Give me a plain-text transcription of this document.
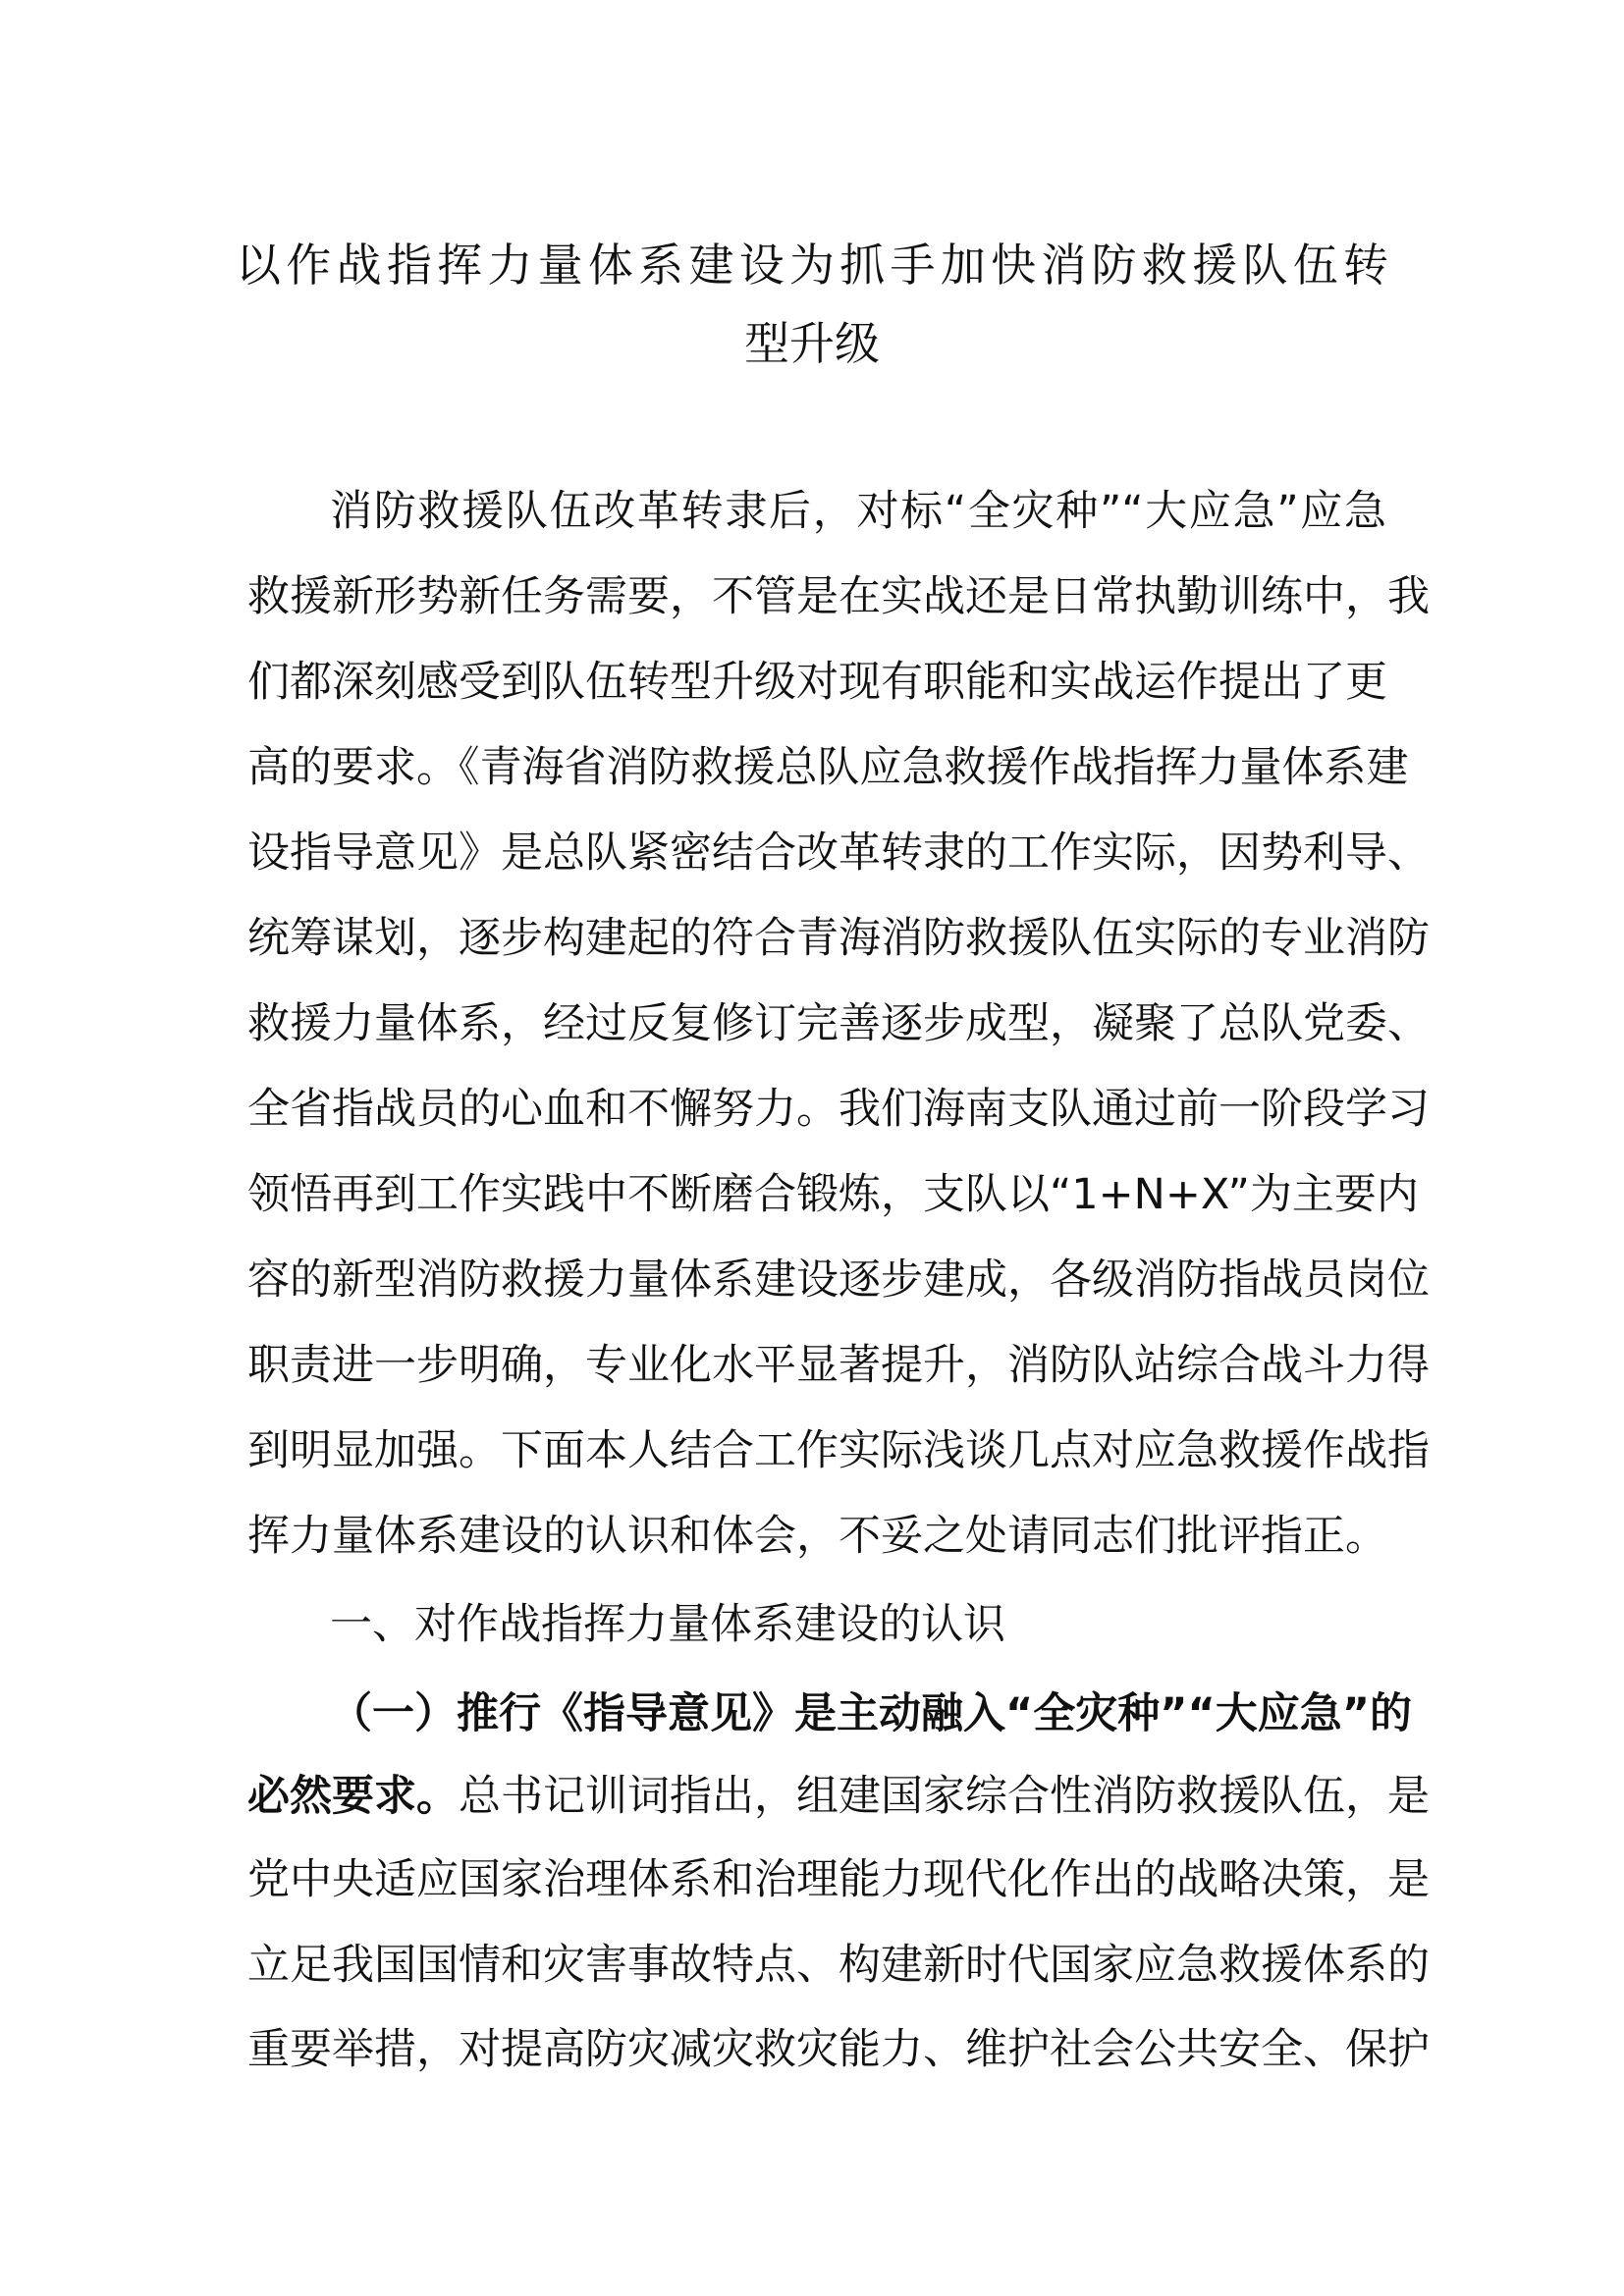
以作战指挥力量体系建设为抓手加快消防救援队伍转
型升级
消防救援队伍改革转隶后，对标“全灾种”“大应急”应急
救援新形势新任务需要，不管是在实战还是日常执勤训练中，我
们都深刻感受到队伍转型升级对现有职能和实战运作提出了更
高的要求。《青海省消防救援总队应急救援作战指挥力量体系建
设指导意见》是总队紧密结合改革转隶的工作实际，因势利导、
统筹谋划，逐步构建起的符合青海消防救援队伍实际的专业消防
救援力量体系，经过反复修订完善逐步成型，凝聚了总队党委、
全省指战员的心血和不懈努力。我们海南支队通过前一阶段学习
领悟再到工作实践中不断磨合锻炼，支队以“1+N+X”为主要内
容的新型消防救援力量体系建设逐步建成，各级消防指战员岗位
职责进一步明确，专业化水平显著提升，消防队站综合战斗力得
到明显加强。下面本人结合工作实际浅谈几点对应急救援作战指
挥力量体系建设的认识和体会，不妥之处请同志们批评指正。
一、对作战指挥力量体系建设的认识
（一）推行《指导意见》是主动融入“全灾种”“大应急”的
必然要求。总书记训词指出，组建国家综合性消防救援队伍，是
党中央适应国家治理体系和治理能力现代化作出的战略决策，是
立足我国国情和灾害事故特点、构建新时代国家应急救援体系的
重要举措，对提高防灾减灾救灾能力、维护社会公共安全、保护
